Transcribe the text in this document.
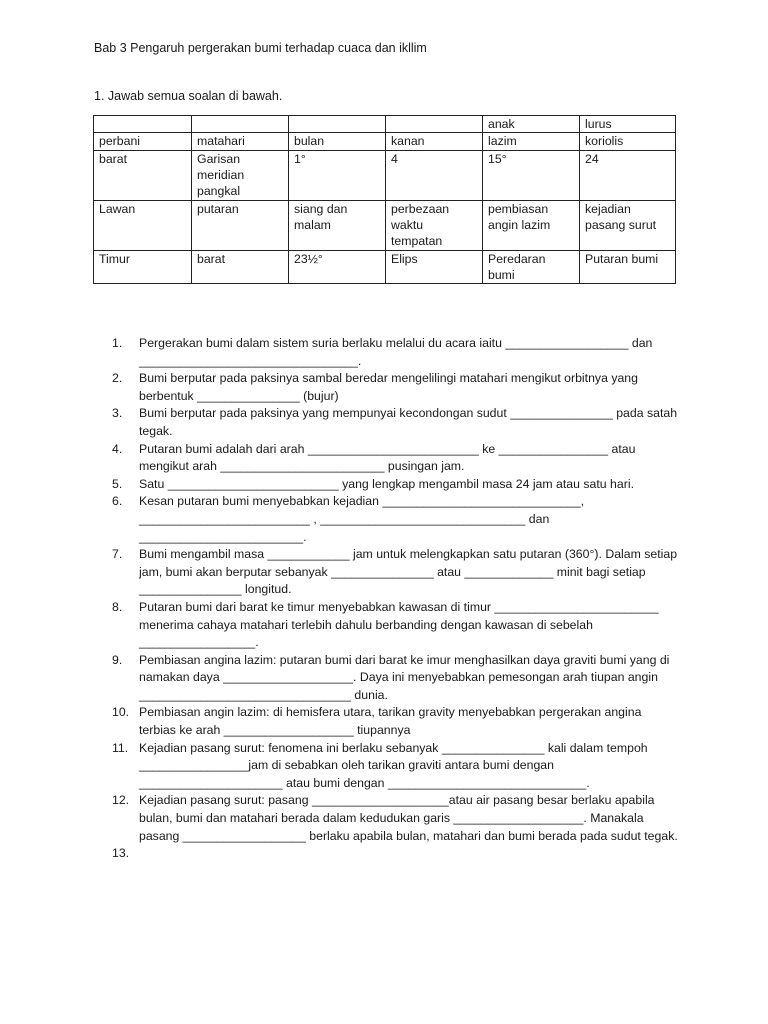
Bab 3 Pengaruh pergerakan bumi terhadap cuaca dan ikllim
1. Jawab semua soalan di bawah.
				anak	lurus
perbani	matahari	bulan	kanan	lazim	koriolis
barat	Garisan meridian pangkal	1°	4	15°	24
Lawan	putaran	siang dan malam	perbezaan waktu tempatan	pembiasan angin lazim	kejadian pasang surut
Timur	barat	23½°	Elips	Peredaran bumi	Putaran bumi
1. Pergerakan bumi dalam sistem suria berlaku melalui du acara iaitu __________________ dan ________________________________.
2. Bumi berputar pada paksinya sambal beredar mengelilingi matahari mengikut orbitnya yang berbentuk _______________ (bujur)
3. Bumi berputar pada paksinya yang mempunyai kecondongan sudut _______________ pada satah tegak.
4. Putaran bumi adalah dari arah _________________________ ke ________________ atau mengikut arah ________________________ pusingan jam.
5. Satu _________________________ yang lengkap mengambil masa 24 jam atau satu hari.
6. Kesan putaran bumi menyebabkan kejadian _____________________________, _________________________ , ______________________________ dan ________________________.
7. Bumi mengambil masa ____________ jam untuk melengkapkan satu putaran (360°). Dalam setiap jam, bumi akan berputar sebanyak _______________ atau _____________ minit bagi setiap _______________ longitud.
8. Putaran bumi dari barat ke timur menyebabkan kawasan di timur ________________________ menerima cahaya matahari terlebih dahulu berbanding dengan kawasan di sebelah _________________.
9. Pembiasan angina lazim: putaran bumi dari barat ke imur menghasilkan daya graviti bumi yang di namakan daya ___________________. Daya ini menyebabkan pemesongan arah tiupan angin _______________________________ dunia.
10. Pembiasan angin lazim: di hemisfera utara, tarikan gravity menyebabkan pergerakan angina terbias ke arah ___________________ tiupannya
11. Kejadian pasang surut: fenomena ini berlaku sebanyak _______________ kali dalam tempoh ________________jam di sebabkan oleh tarikan graviti antara bumi dengan _____________________ atau bumi dengan _____________________________.
12. Kejadian pasang surut: pasang ____________________atau air pasang besar berlaku apabila bulan, bumi dan matahari berada dalam kedudukan garis ___________________. Manakala pasang __________________ berlaku apabila bulan, matahari dan bumi berada pada sudut tegak.
13.
